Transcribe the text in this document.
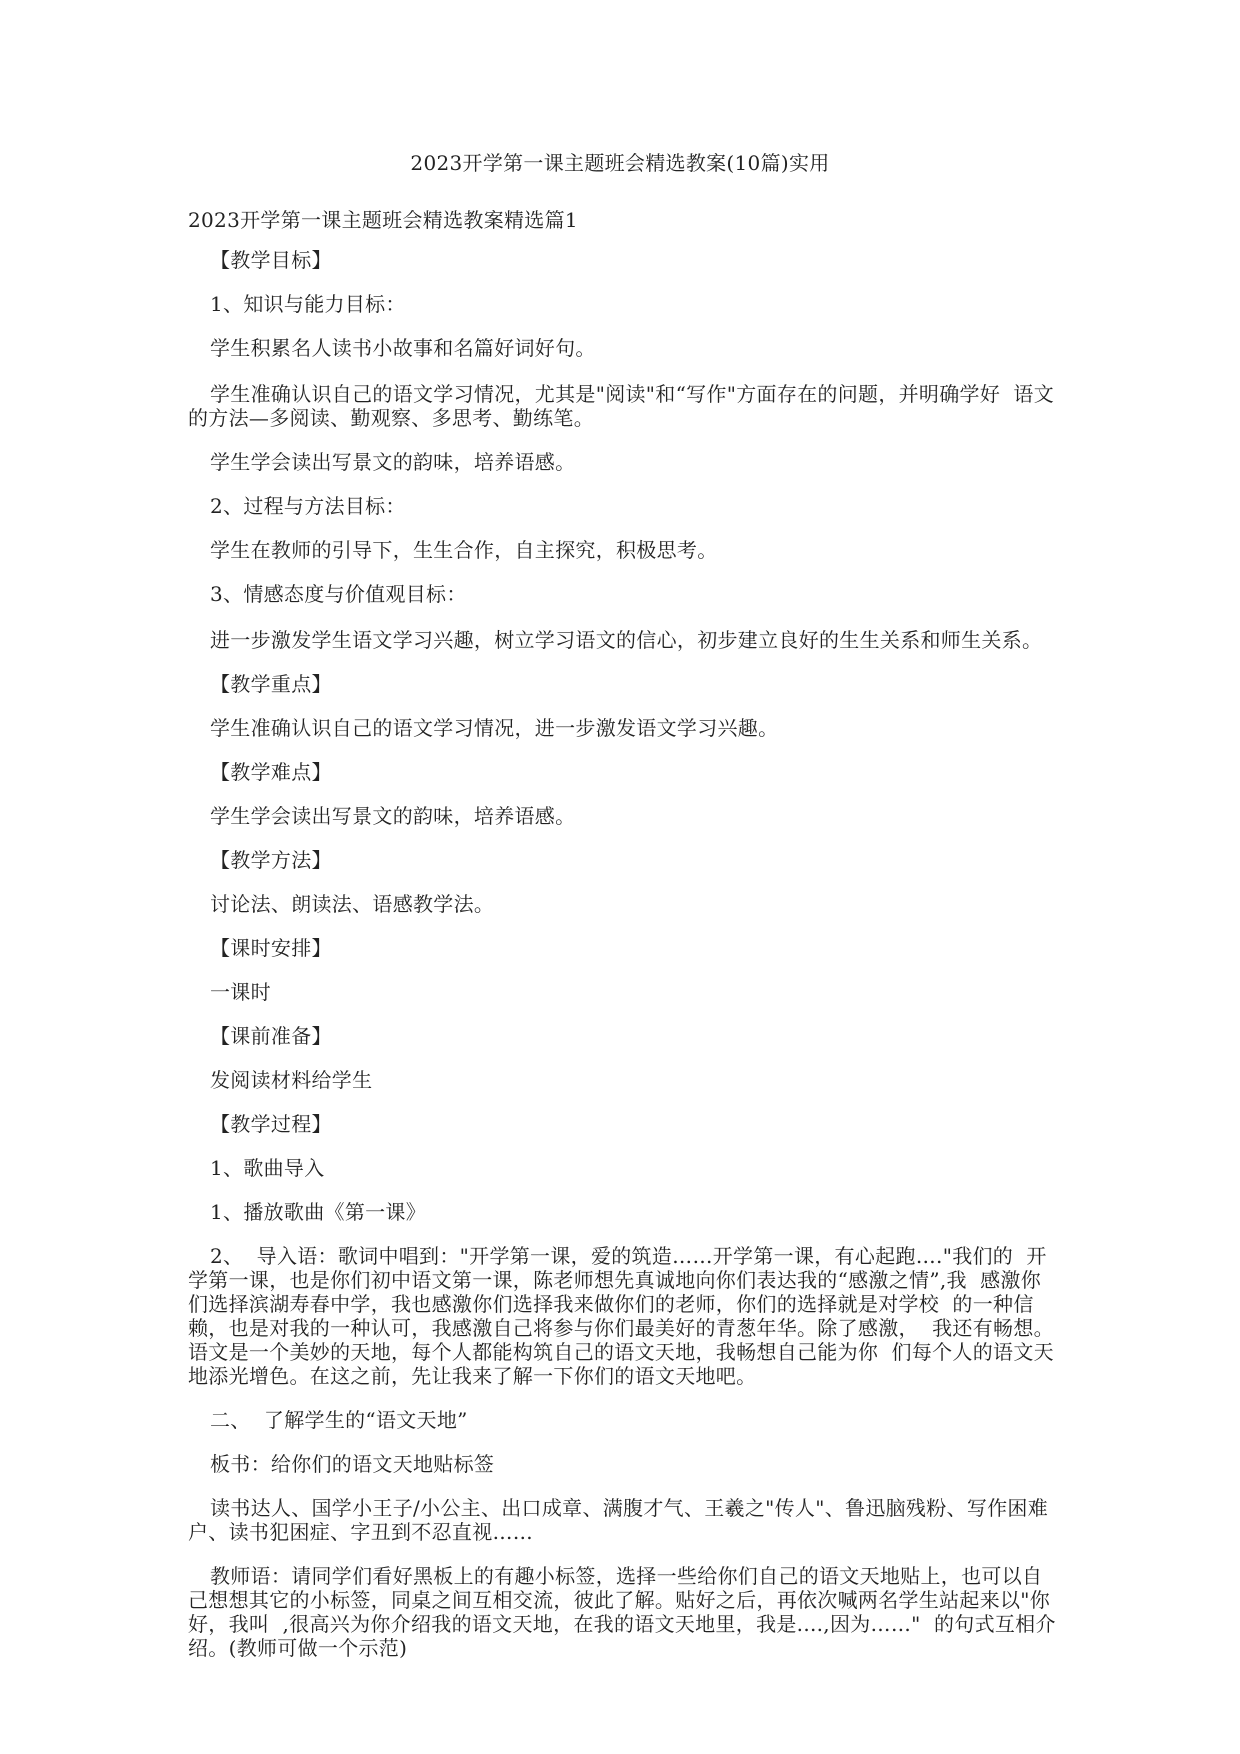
2023开学第一课主题班会精选教案(10篇)实用
2023开学第一课主题班会精选教案精选篇1

【教学目标】

1、知识与能力目标：

学生积累名人读书小故事和名篇好词好句。

学生准确认识自己的语文学习情况，尤其是"阅读"和“写作"方面存在的问题，并明确学好  语文的方法—多阅读、勤观察、多思考、勤练笔。

学生学会读出写景文的韵味，培养语感。

2、过程与方法目标：

学生在教师的引导下，生生合作，自主探究，积极思考。

3、情感态度与价值观目标：

进一步激发学生语文学习兴趣，树立学习语文的信心，初步建立良好的生生关系和师生关系。

【教学重点】

学生准确认识自己的语文学习情况，进一步激发语文学习兴趣。

【教学难点】

学生学会读出写景文的韵味，培养语感。

【教学方法】

讨论法、朗读法、语感教学法。

【课时安排】

一课时

【课前准备】

发阅读材料给学生

【教学过程】

1、歌曲导入

1、播放歌曲《第一课》

2、  导入语：歌词中唱到："开学第一课，爱的筑造……开学第一课，有心起跑…."我们的  开学第一课，也是你们初中语文第一课，陈老师想先真诚地向你们表达我的“感激之情”,我  感激你们选择滨湖寿春中学，我也感激你们选择我来做你们的老师，你们的选择就是对学校  的一种信赖，也是对我的一种认可，我感激自己将参与你们最美好的青葱年华。除了感激，  我还有畅想。语文是一个美妙的天地，每个人都能构筑自己的语文天地，我畅想自己能为你  们每个人的语文天地添光增色。在这之前，先让我来了解一下你们的语文天地吧。

二、  了解学生的“语文天地”

板书：给你们的语文天地贴标签

读书达人、国学小王子/小公主、出口成章、满腹才气、王羲之"传人"、鲁迅脑残粉、写作困难户、读书犯困症、字丑到不忍直视……

教师语：请同学们看好黑板上的有趣小标签，选择一些给你们自己的语文天地贴上，也可以自己想想其它的小标签，同桌之间互相交流，彼此了解。贴好之后，再依次喊两名学生站起来以"你好，我叫  ,很高兴为你介绍我的语文天地，在我的语文天地里，我是....,因为……"  的句式互相介绍。(教师可做一个示范)
